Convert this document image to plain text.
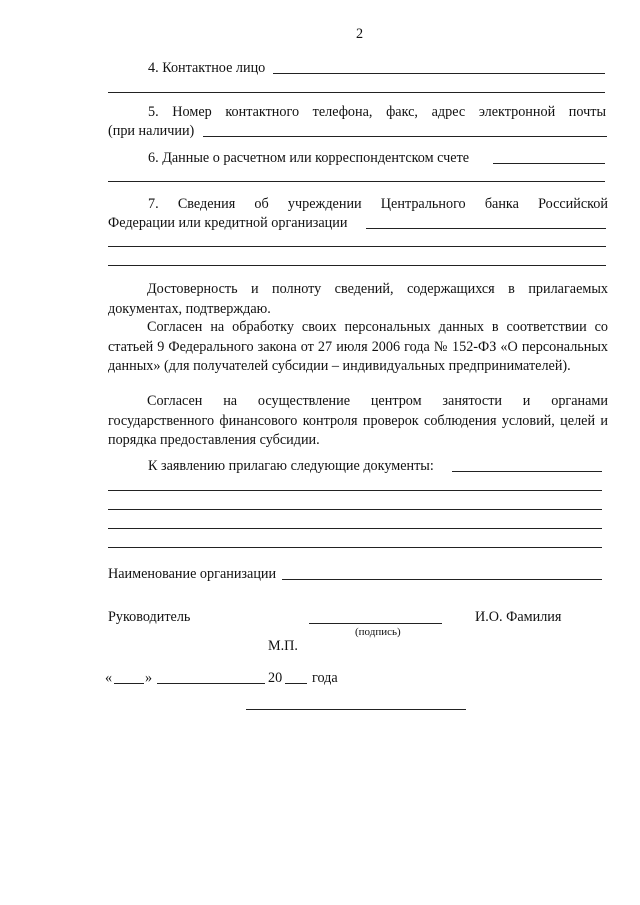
2
4. Контактное лицо
5. Номер контактного телефона, факс, адрес электронной почты
(при наличии)
6. Данные о расчетном или корреспондентском счете
7. Сведения об учреждении Центрального банка Российской
Федерации или кредитной организации
Достоверность и полноту сведений, содержащихся в прилагаемых документах, подтверждаю.
Согласен на обработку своих персональных данных в соответствии со статьей 9 Федерального закона от 27 июля 2006 года № 152-ФЗ «О персональных данных» (для получателей субсидии – индивидуальных предпринимателей).
Согласен на осуществление центром занятости и органами государственного финансового контроля проверок соблюдения условий, целей и порядка предоставления субсидии.
К заявлению прилагаю следующие документы:
Наименование организации
Руководитель
(подпись)
И.О. Фамилия
М.П.
« »	20 года
